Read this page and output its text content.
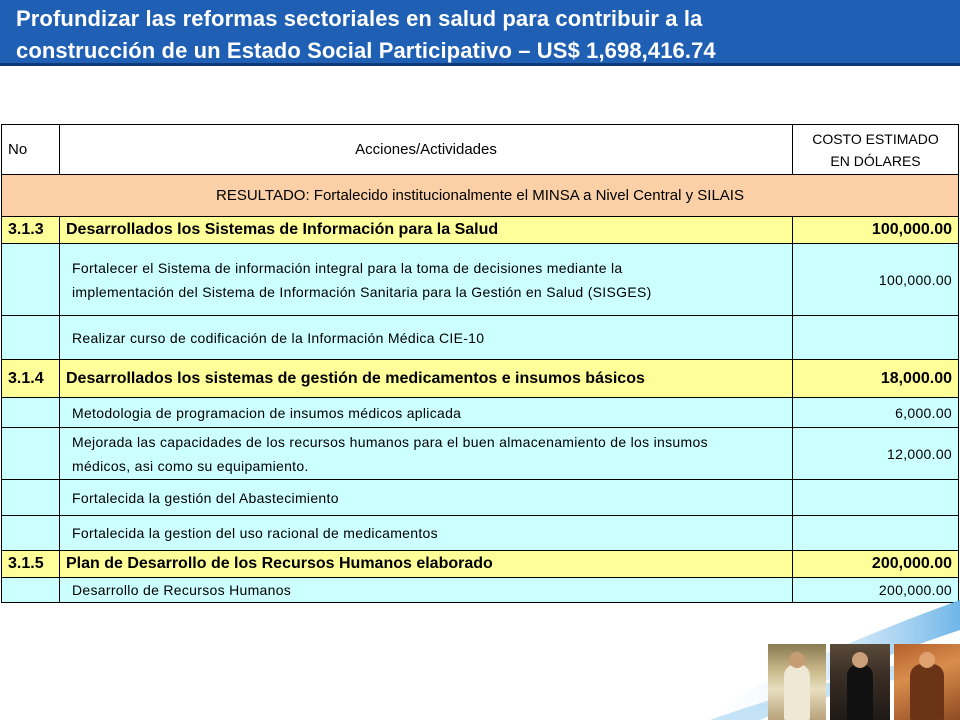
Profundizar las reformas sectoriales en salud para contribuir a la
construcción de un Estado Social Participativo – US$ 1,698,416.74
No	Acciones/Actividades	COSTO ESTIMADO
EN DÓLARES
RESULTADO: Fortalecido institucionalmente el MINSA a Nivel Central y SILAIS		
3.1.3	Desarrollados los Sistemas de Información para la Salud	100,000.00
	Fortalecer el Sistema de información integral para la toma de decisiones mediante la
implementación del Sistema de Información Sanitaria para la Gestión en Salud (SISGES)	100,000.00
	Realizar curso de codificación de la Información Médica CIE-10	
3.1.4	Desarrollados los sistemas de gestión de medicamentos e insumos básicos	18,000.00
	Metodologia de programacion de insumos médicos aplicada	6,000.00
	Mejorada las capacidades de los recursos humanos para el buen almacenamiento de los insumos
médicos, asi como su equipamiento.	12,000.00
	Fortalecida la gestión del Abastecimiento	
	Fortalecida la gestion del uso racional de medicamentos	
3.1.5	Plan de Desarrollo de los Recursos Humanos elaborado	200,000.00
	Desarrollo de Recursos Humanos	200,000.00
